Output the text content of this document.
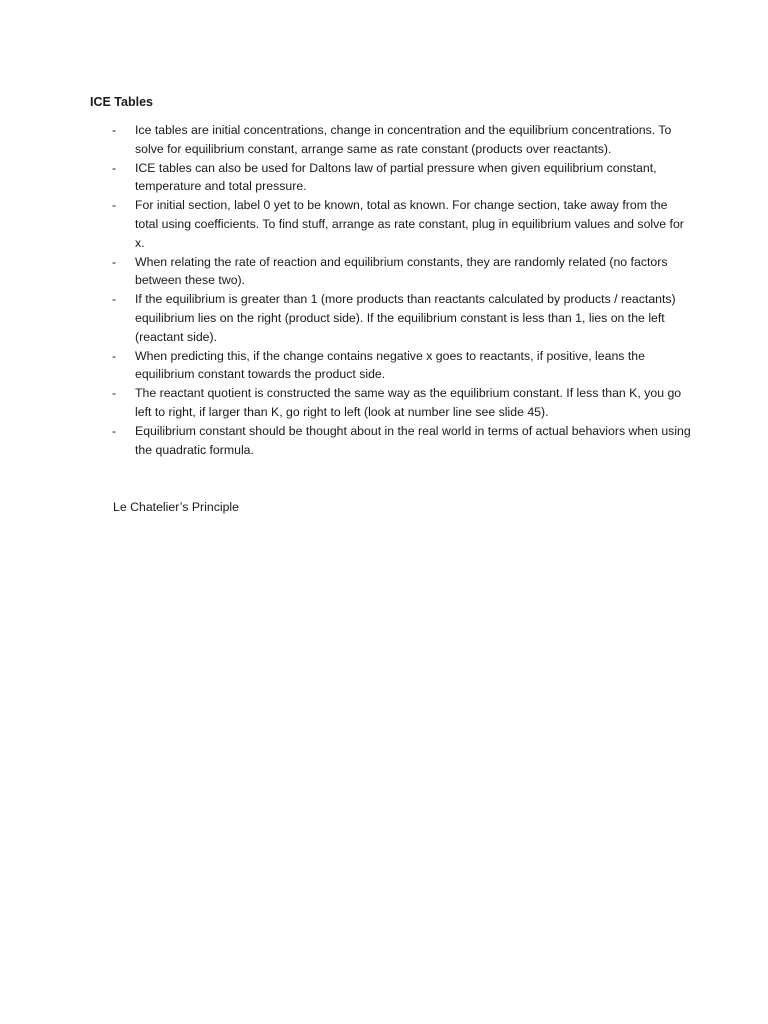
ICE Tables

-	Ice tables are initial concentrations, change in concentration and the equilibrium concentrations. To solve for equilibrium constant, arrange same as rate constant (products over reactants).
-	ICE tables can also be used for Daltons law of partial pressure when given equilibrium constant, temperature and total pressure.
-	For initial section, label 0 yet to be known, total as known. For change section, take away from the total using coefficients. To find stuff, arrange as rate constant, plug in equilibrium values and solve for x.
-	When relating the rate of reaction and equilibrium constants, they are randomly related (no factors between these two).
-	If the equilibrium is greater than 1 (more products than reactants calculated by products / reactants) equilibrium lies on the right (product side). If the equilibrium constant is less than 1, lies on the left (reactant side).
-	When predicting this, if the change contains negative x goes to reactants, if positive, leans the equilibrium constant towards the product side.
-	The reactant quotient is constructed the same way as the equilibrium constant. If less than K, you go left to right, if larger than K, go right to left (look at number line see slide 45).
-	Equilibrium constant should be thought about in the real world in terms of actual behaviors when using the quadratic formula.

Le Chatelier’s Principle
